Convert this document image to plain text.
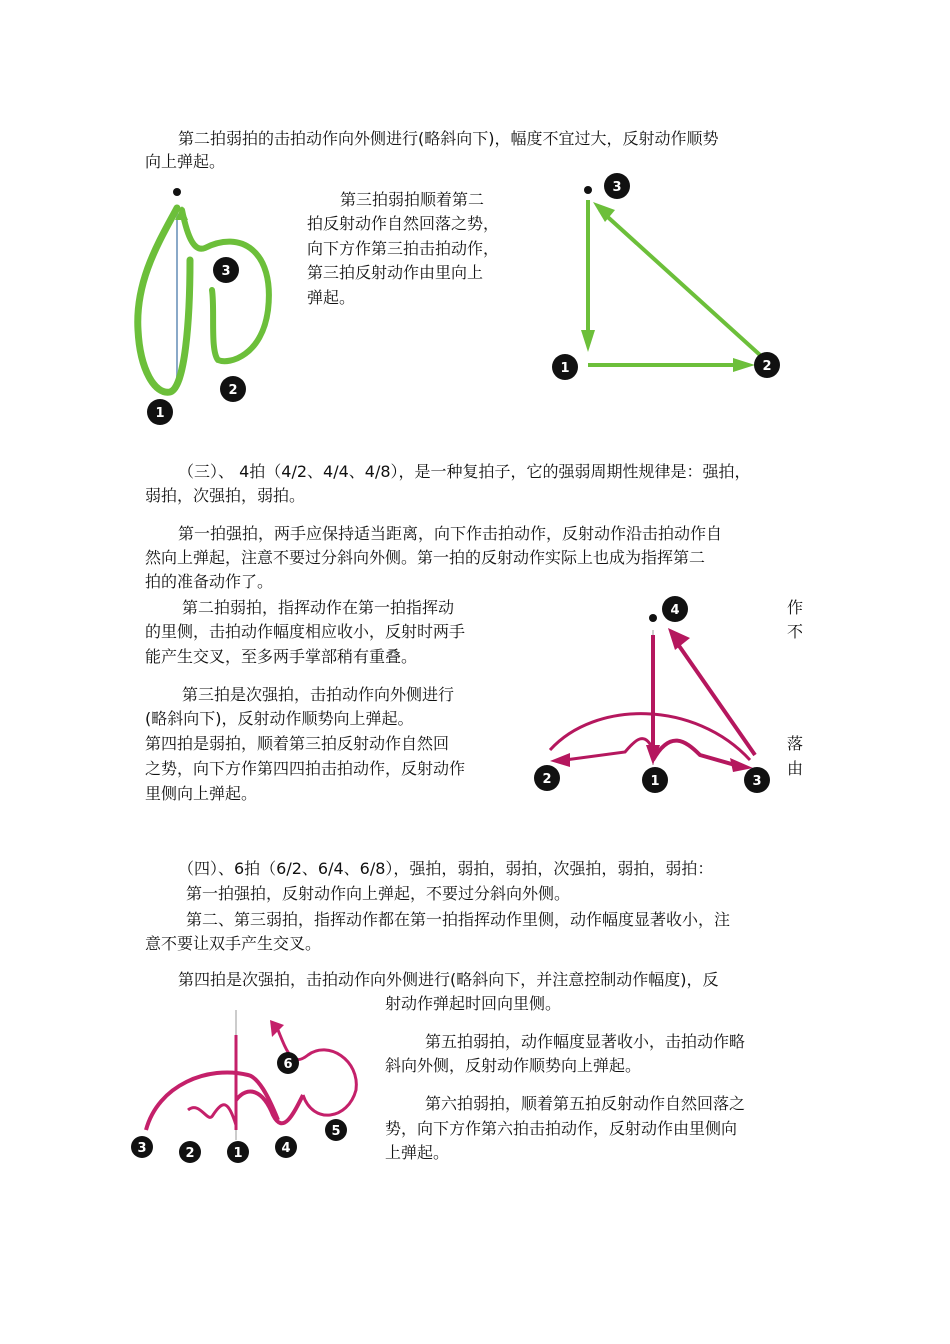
第二拍弱拍的击拍动作向外侧进行(略斜向下)，幅度不宜过大，反射动作顺势

向上弹起。

第三拍弱拍顺着第二

拍反射动作自然回落之势，

向下方作第三拍击拍动作，

第三拍反射动作由里向上

弹起。

3
2
1
3
1	2

（三）、 4拍（4/2、4/4、4/8），是一种复拍子，它的强弱周期性规律是：强拍，

弱拍，次强拍，弱拍。

第一拍强拍，两手应保持适当距离，向下作击拍动作，反射动作沿击拍动作自

然向上弹起，注意不要过分斜向外侧。第一拍的反射动作实际上也成为指挥第二

拍的准备动作了。

第二拍弱拍，指挥动作在第一拍指挥动

的里侧，击拍动作幅度相应收小，反射时两手

能产生交叉，至多两手掌部稍有重叠。

作

不

第三拍是次强拍，击拍动作向外侧进行

(略斜向下)，反射动作顺势向上弹起。

第四拍是弱拍，顺着第三拍反射动作自然回

之势，向下方作第四四拍击拍动作，反射动作

里侧向上弹起。

落

由

4
2	1	3

（四）、6拍（6/2、6/4、6/8），强拍，弱拍，弱拍，次强拍，弱拍，弱拍：

第一拍强拍，反射动作向上弹起，不要过分斜向外侧。

第二、第三弱拍，指挥动作都在第一拍指挥动作里侧，动作幅度显著收小，注

意不要让双手产生交叉。

第四拍是次强拍，击拍动作向外侧进行(略斜向下，并注意控制动作幅度)，反

射动作弹起时回向里侧。

第五拍弱拍，动作幅度显著收小，击拍动作略

斜向外侧，反射动作顺势向上弹起。

第六拍弱拍，顺着第五拍反射动作自然回落之

势，向下方作第六拍击拍动作，反射动作由里侧向

上弹起。

6
5
4
1
2
3
